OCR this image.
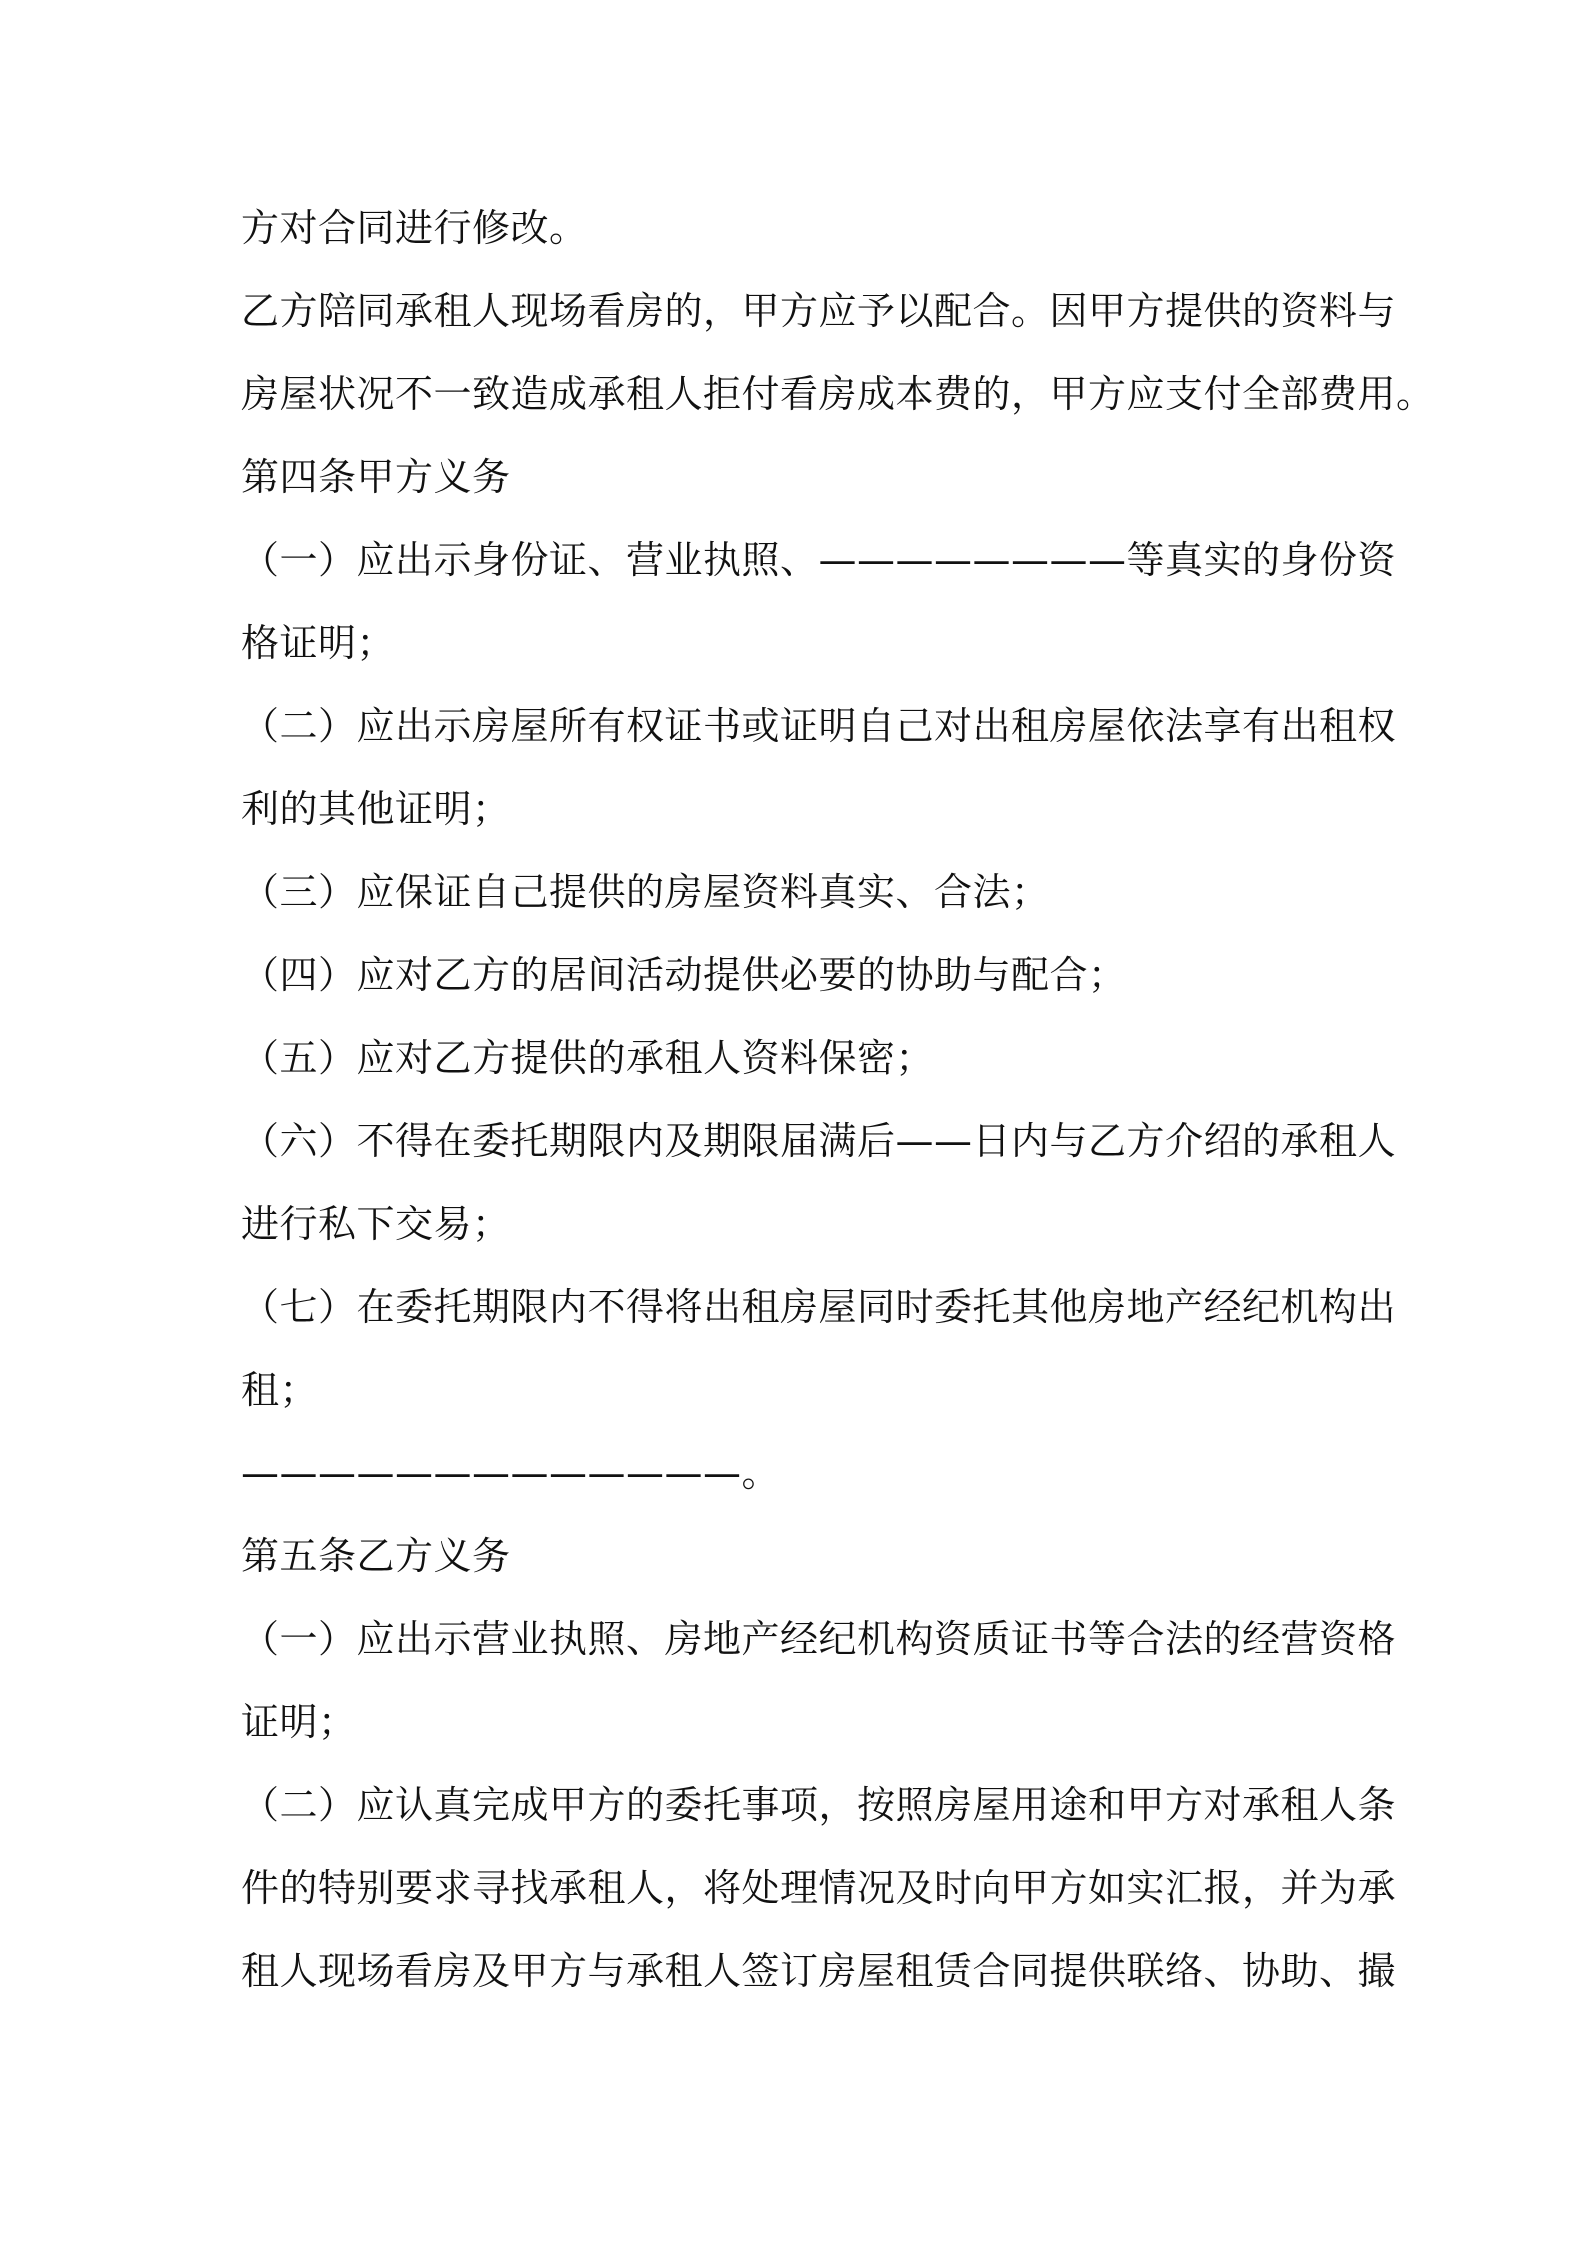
方对合同进行修改。

乙方陪同承租人现场看房的，甲方应予以配合。因甲方提供的资料与

房屋状况不一致造成承租人拒付看房成本费的，甲方应支付全部费用。

第四条甲方义务

（一）应出示身份证、营业执照、————————等真实的身份资

格证明；

（二）应出示房屋所有权证书或证明自己对出租房屋依法享有出租权

利的其他证明；

（三）应保证自己提供的房屋资料真实、合法；

（四）应对乙方的居间活动提供必要的协助与配合；

（五）应对乙方提供的承租人资料保密；

（六）不得在委托期限内及期限届满后——日内与乙方介绍的承租人

进行私下交易；

（七）在委托期限内不得将出租房屋同时委托其他房地产经纪机构出

租；

—————————————。

第五条乙方义务

（一）应出示营业执照、房地产经纪机构资质证书等合法的经营资格

证明；

（二）应认真完成甲方的委托事项，按照房屋用途和甲方对承租人条

件的特别要求寻找承租人，将处理情况及时向甲方如实汇报，并为承

租人现场看房及甲方与承租人签订房屋租赁合同提供联络、协助、撮
